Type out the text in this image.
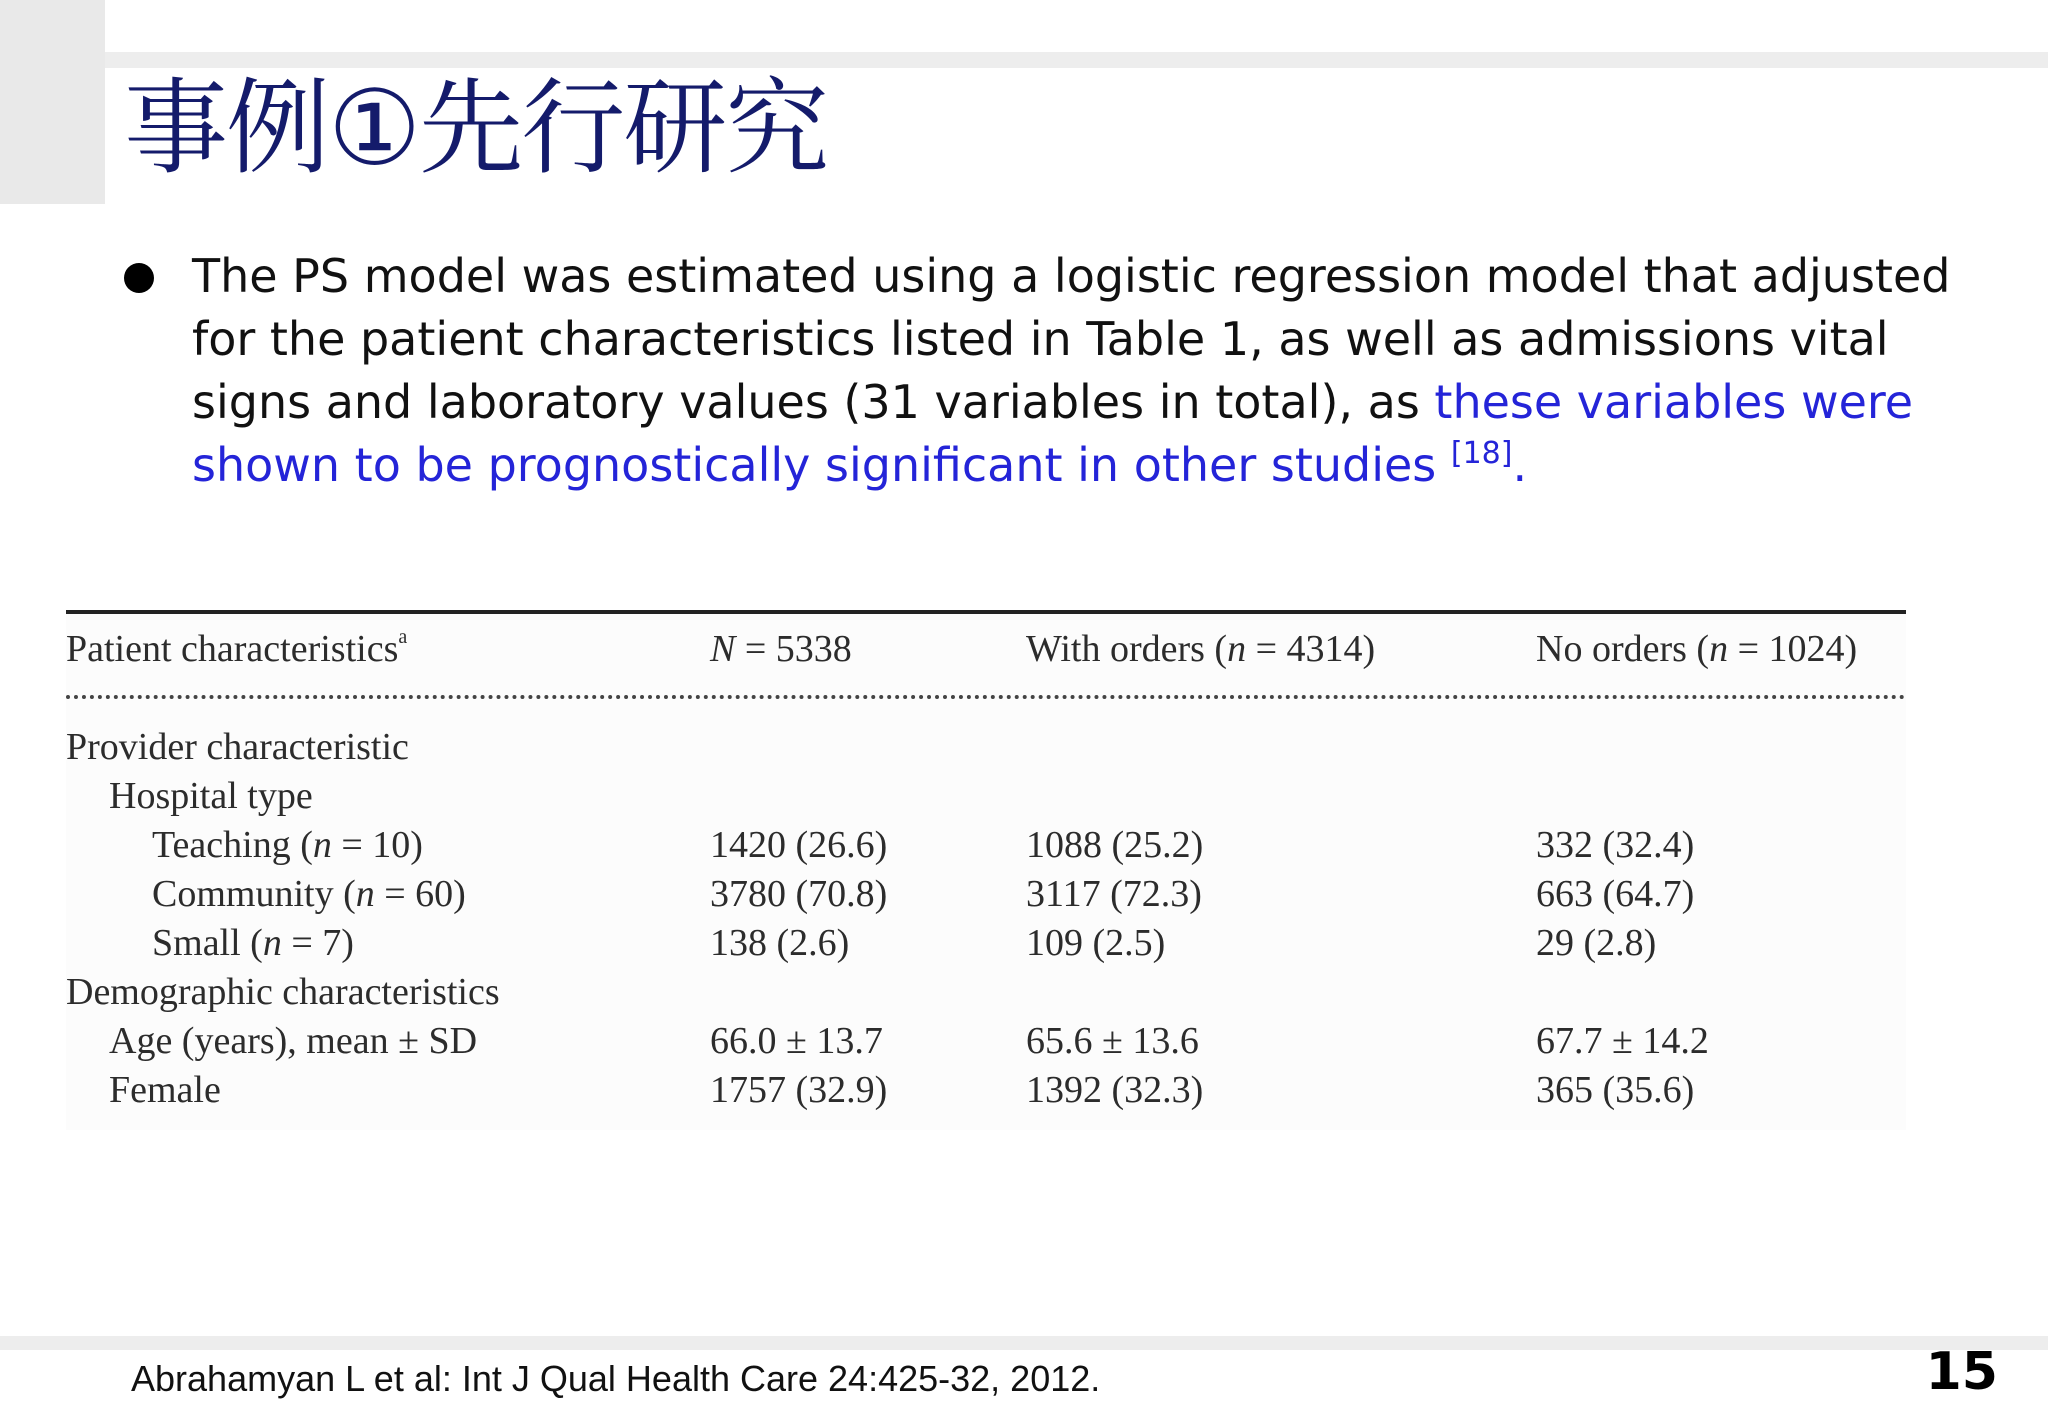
事例①先行研究

The PS model was estimated using a logistic regression model that adjusted for the patient characteristics listed in Table 1, as well as admissions vital signs and laboratory values (31 variables in total), as these variables were shown to be prognostically significant in other studies [18].

Patient characteristics$^a$	N = 5338	With orders (n = 4314)	No orders (n = 1024)
Provider characteristic
Hospital type
Teaching (n = 10)	1420 (26.6)	1088 (25.2)	332 (32.4)
Community (n = 60)	3780 (70.8)	3117 (72.3)	663 (64.7)
Small (n = 7)	138 (2.6)	109 (2.5)	29 (2.8)
Demographic characteristics
Age (years), mean ± SD	66.0 ± 13.7	65.6 ± 13.6	67.7 ± 14.2
Female	1757 (32.9)	1392 (32.3)	365 (35.6)

Abrahamyan L et al: Int J Qual Health Care 24:425-32, 2012.	15
